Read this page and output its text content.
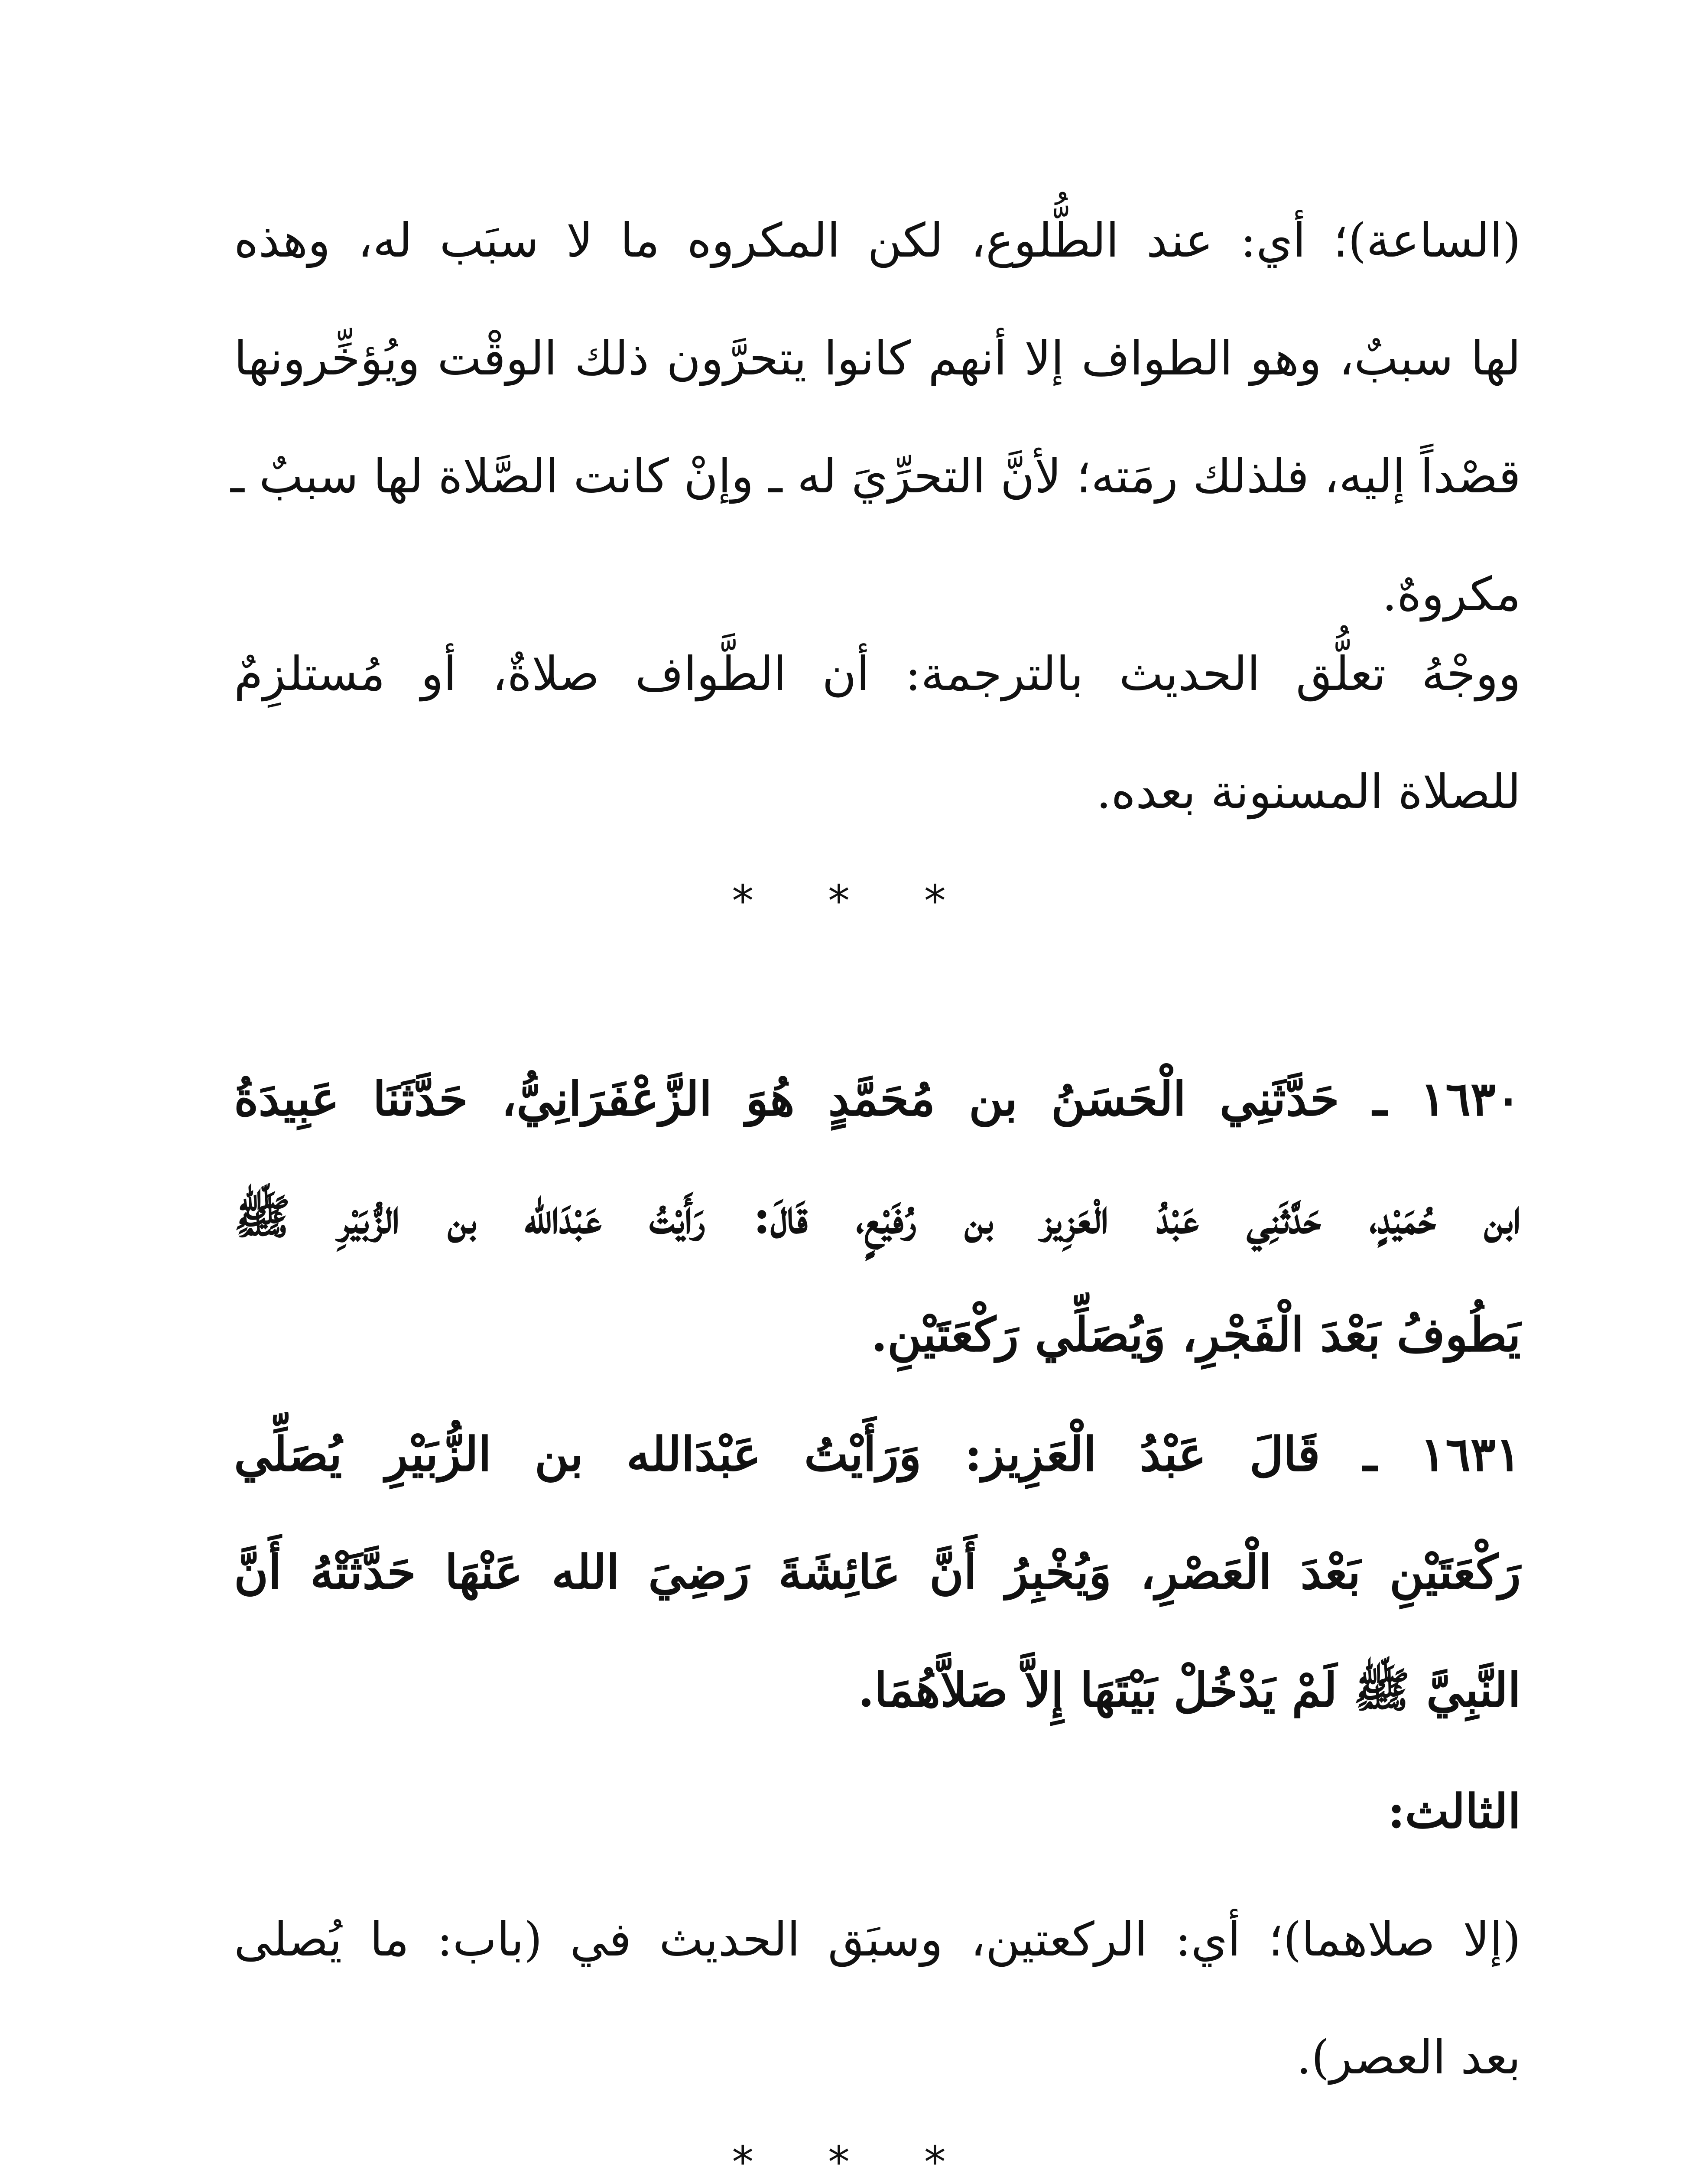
(الساعة)؛ أي: عند الطُّلوع، لكن المكروه ما لا سبَب له، وهذه
لها سببٌ، وهو الطواف إلا أنهم كانوا يتحرَّون ذلك الوقْت ويُؤخِّرونها
قصْداً إليه، فلذلك رمَته؛ لأنَّ التحرِّيَ له ـ وإنْ كانت الصَّلاة لها سببٌ ـ
مكروهٌ.
ووجْهُ تعلُّق الحديث بالترجمة: أن الطَّواف صلاةٌ، أو مُستلزِمٌ
للصلاة المسنونة بعده.
* * *
١٦٣٠ ـ حَدَّثَنِي الْحَسَنُ بن مُحَمَّدٍ هُوَ الزَّعْفَرَانِيُّ، حَدَّثَنَا عَبِيدَةُ
ابن حُمَيْدٍ، حَدَّثَنِي عَبْدُ الْعَزِيز بن رُفَيْعٍ، قَالَ: رَأَيْتُ عَبْدَالله بن الزُّبَيْرِ ﷺ
يَطُوفُ بَعْدَ الْفَجْرِ، وَيُصَلِّي رَكْعَتَيْنِ.
١٦٣١ ـ قَالَ عَبْدُ الْعَزِيز: وَرَأَيْتُ عَبْدَالله بن الزُّبَيْرِ يُصَلِّي
رَكْعَتَيْنِ بَعْدَ الْعَصْرِ، وَيُخْبِرُ أَنَّ عَائِشَةَ رَضِيَ الله عَنْهَا حَدَّثَتْهُ أَنَّ
النَّبِيَّ ﷺ لَمْ يَدْخُلْ بَيْتَهَا إِلاَّ صَلاَّهُمَا.
الثالث:
(إلا صلاهما)؛ أي: الركعتين، وسبَق الحديث في (باب: ما يُصلى
بعد العصر).
* * *
